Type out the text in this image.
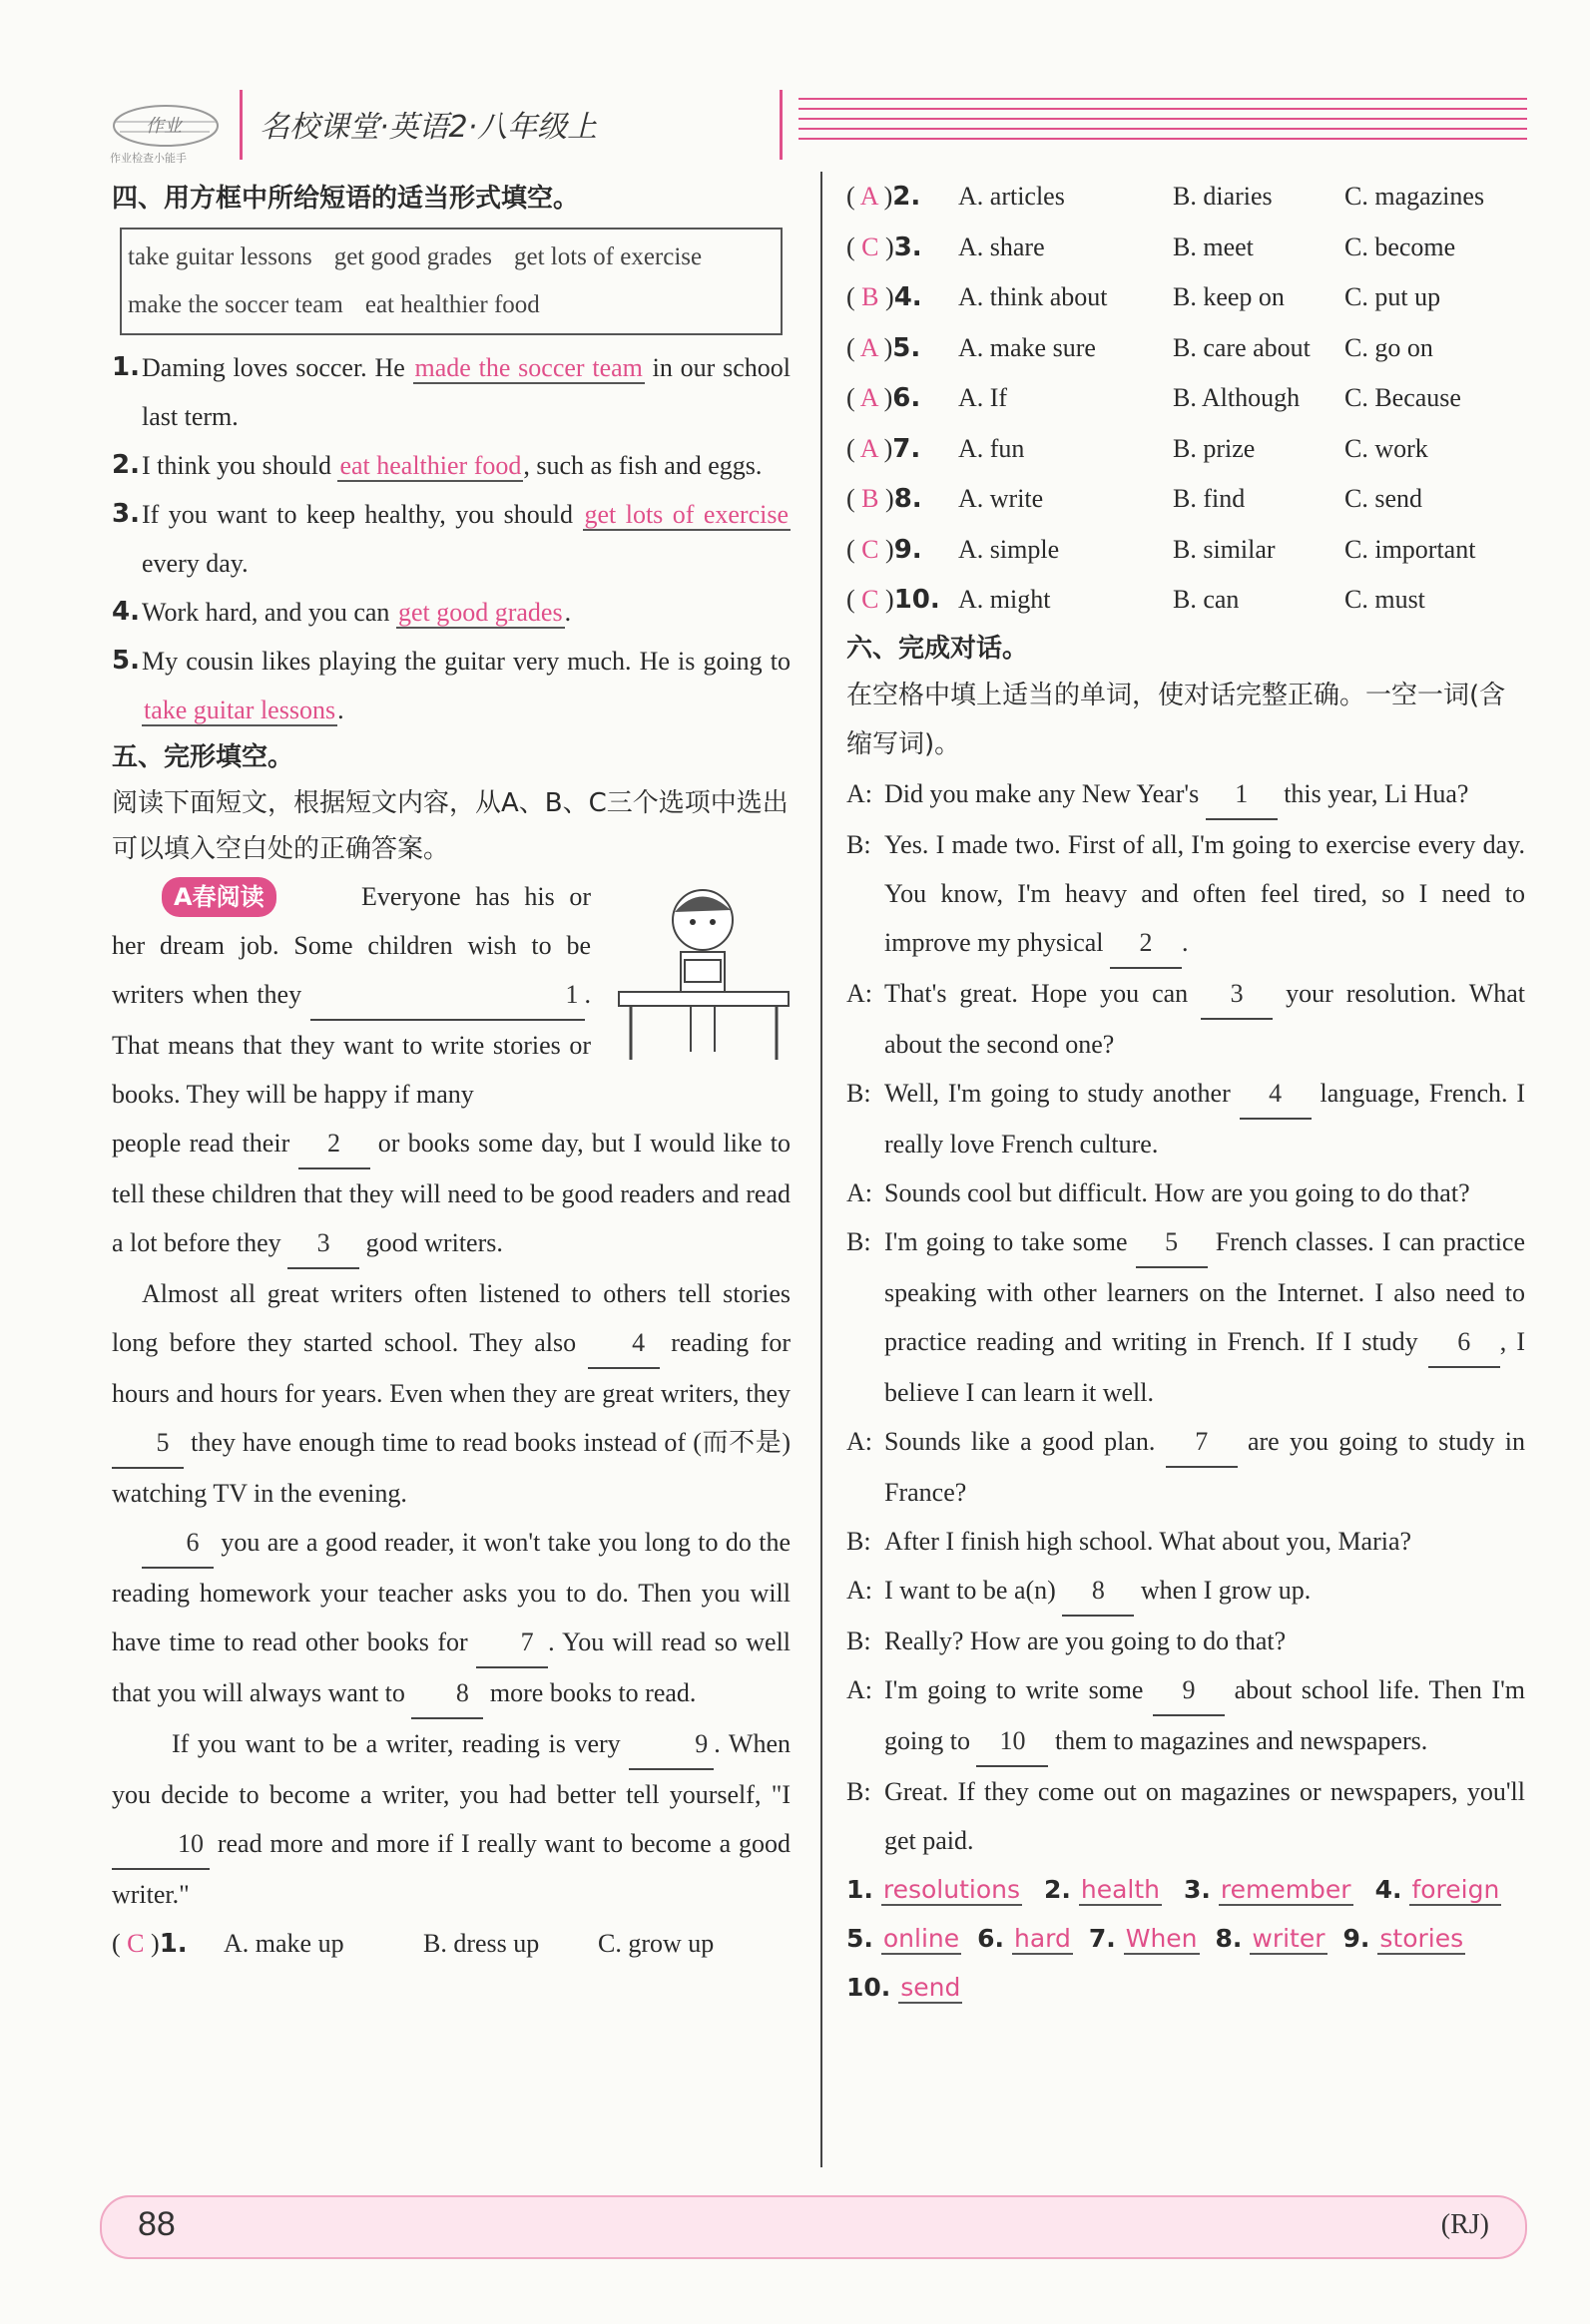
作业
作业检查小能手
名校课堂·英语2·八年级上
四、用方框中所给短语的适当形式填空。
take guitar lessons get good grades get lots of exercise
make the soccer team eat healthier food
1. Daming loves soccer. He made the soccer team in our school last term.
2. I think you should eat healthier food, such as fish and eggs.
3. If you want to keep healthy, you should get lots of exercise every day.
4. Work hard, and you can get good grades.
5. My cousin likes playing the guitar very much. He is going to take guitar lessons.
五、完形填空。
阅读下面短文，根据短文内容，从A、B、C三个选项中选出可以填入空白处的正确答案。
A春阅读	Everyone has his or her dream job. Some children wish to be writers when they	1 . That means that they want to write stories or books. They will be happy if many
people read their 2 or books some day, but I would like to tell these children that they will need to be good readers and read a lot before they 3 good writers.
Almost all great writers often listened to others tell stories long before they started school. They also 4 reading for hours and hours for years. Even when they are great writers, they 5 they have enough time to read books instead of (而不是) watching TV in the evening.
6 you are a good reader, it won't take you long to do the reading homework your teacher asks you to do. Then you will have time to read other books for 7 . You will read so well that you will always want to 8 more books to read.
If you want to be a writer, reading is very	9 . When you decide to become a writer, you had better tell yourself, "I 10 read more and more if I really want to become a good writer."
( C )1.	A. make up	B. dress up	C. grow up
( A )2.	A. articles	B. diaries	C. magazines
( C )3.	A. share	B. meet	C. become
( B )4.	A. think about	B. keep on	C. put up
( A )5.	A. make sure	B. care about	C. go on
( A )6.	A. If	B. Although	C. Because
( A )7.	A. fun	B. prize	C. work
( B )8.	A. write	B. find	C. send
( C )9.	A. simple	B. similar	C. important
( C )10. A. might	B. can	C. must
六、完成对话。
在空格中填上适当的单词，使对话完整正确。一空一词(含缩写词)。
A: Did you make any New Year's 1 this year, Li Hua?
B: Yes. I made two. First of all, I'm going to exercise every day. You know, I'm heavy and often feel tired, so I need to improve my physical 2 .
A: That's great. Hope you can 3 your resolution. What about the second one?
B: Well, I'm going to study another 4 language, French. I really love French culture.
A: Sounds cool but difficult. How are you going to do that?
B: I'm going to take some 5 French classes. I can practice speaking with other learners on the Internet. I also need to practice reading and writing in French. If I study 6 , I believe I can learn it well.
A: Sounds like a good plan. 7 are you going to study in France?
B: After I finish high school. What about you, Maria?
A: I want to be a(n) 8 when I grow up.
B: Really? How are you going to do that?
A: I'm going to write some 9 about school life. Then I'm going to 10 them to magazines and newspapers.
B: Great. If they come out on magazines or newspapers, you'll get paid.
1. resolutions 2. health 3. remember 4. foreign
5. online 6. hard 7. When 8. writer 9. stories
10. send
88	(RJ)
